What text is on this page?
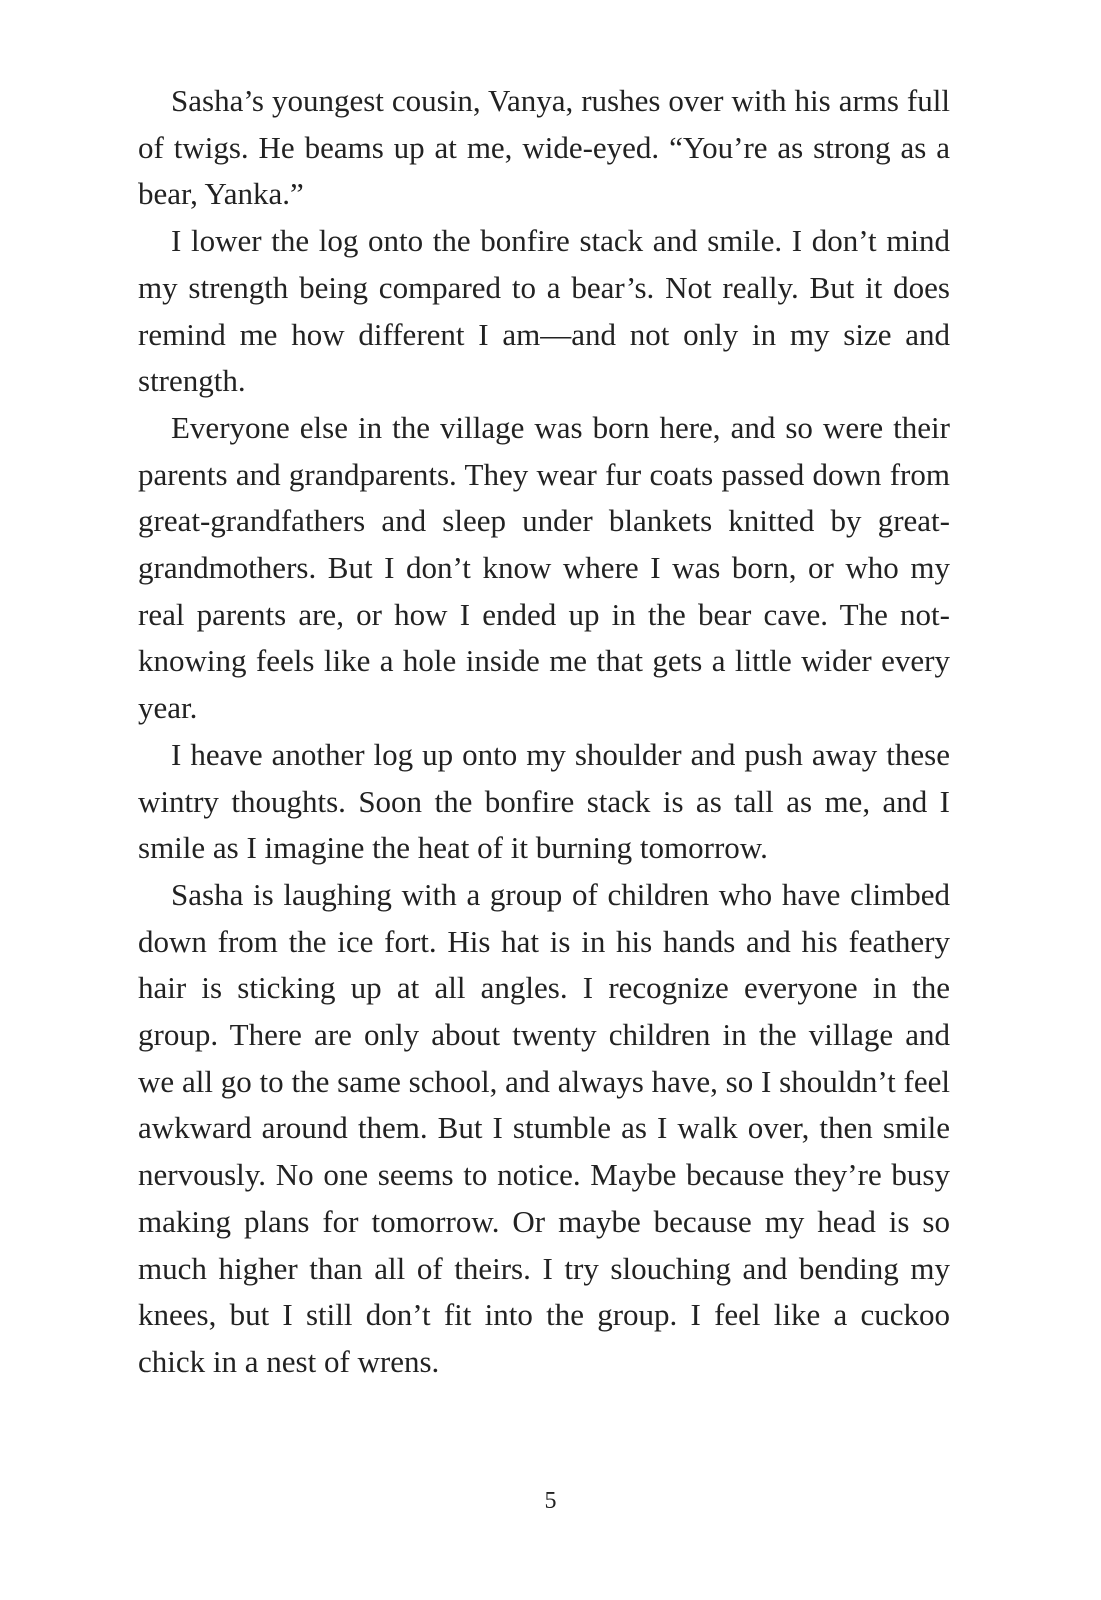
Sasha’s youngest cousin, Vanya, rushes over with his arms full of twigs. He beams up at me, wide-eyed. “You’re as strong as a bear, Yanka.”

I lower the log onto the bonfire stack and smile. I don’t mind my strength being compared to a bear’s. Not really. But it does remind me how different I am—and not only in my size and strength.

Everyone else in the village was born here, and so were their parents and grandparents. They wear fur coats passed down from great-grandfathers and sleep under blankets knitted by great-grandmothers. But I don’t know where I was born, or who my real parents are, or how I ended up in the bear cave. The not-knowing feels like a hole inside me that gets a little wider every year.

I heave another log up onto my shoulder and push away these wintry thoughts. Soon the bonfire stack is as tall as me, and I smile as I imagine the heat of it burning tomorrow.

Sasha is laughing with a group of children who have climbed down from the ice fort. His hat is in his hands and his feathery hair is sticking up at all angles. I recognize everyone in the group. There are only about twenty children in the village and we all go to the same school, and always have, so I shouldn’t feel awkward around them. But I stumble as I walk over, then smile nervously. No one seems to notice. Maybe because they’re busy making plans for tomorrow. Or maybe because my head is so much higher than all of theirs. I try slouching and bending my knees, but I still don’t fit into the group. I feel like a cuckoo chick in a nest of wrens.

5
